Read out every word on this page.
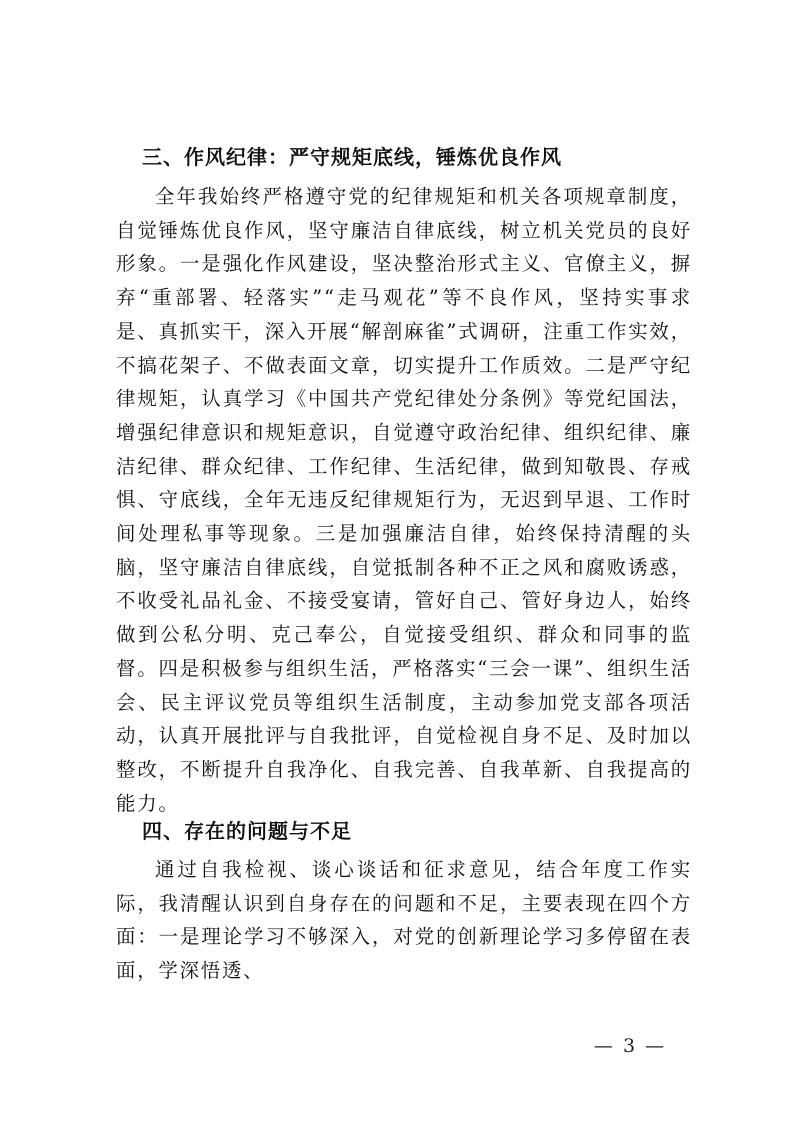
三、作风纪律：严守规矩底线，锤炼优良作风
全年我始终严格遵守党的纪律规矩和机关各项规章制度，自觉锤炼优良作风，坚守廉洁自律底线，树立机关党员的良好形象。一是强化作风建设，坚决整治形式主义、官僚主义，摒弃“重部署、轻落实”“走马观花”等不良作风，坚持实事求是、真抓实干，深入开展“解剖麻雀”式调研，注重工作实效，不搞花架子、不做表面文章，切实提升工作质效。二是严守纪律规矩，认真学习《中国共产党纪律处分条例》等党纪国法，增强纪律意识和规矩意识，自觉遵守政治纪律、组织纪律、廉洁纪律、群众纪律、工作纪律、生活纪律，做到知敬畏、存戒惧、守底线，全年无违反纪律规矩行为，无迟到早退、工作时间处理私事等现象。三是加强廉洁自律，始终保持清醒的头脑，坚守廉洁自律底线，自觉抵制各种不正之风和腐败诱惑，不收受礼品礼金、不接受宴请，管好自己、管好身边人，始终做到公私分明、克己奉公，自觉接受组织、群众和同事的监督。四是积极参与组织生活，严格落实“三会一课”、组织生活会、民主评议党员等组织生活制度，主动参加党支部各项活动，认真开展批评与自我批评，自觉检视自身不足、及时加以整改，不断提升自我净化、自我完善、自我革新、自我提高的能力。
四、存在的问题与不足
通过自我检视、谈心谈话和征求意见，结合年度工作实际，我清醒认识到自身存在的问题和不足，主要表现在四个方面：一是理论学习不够深入，对党的创新理论学习多停留在表面，学深悟透、
— 3 —
